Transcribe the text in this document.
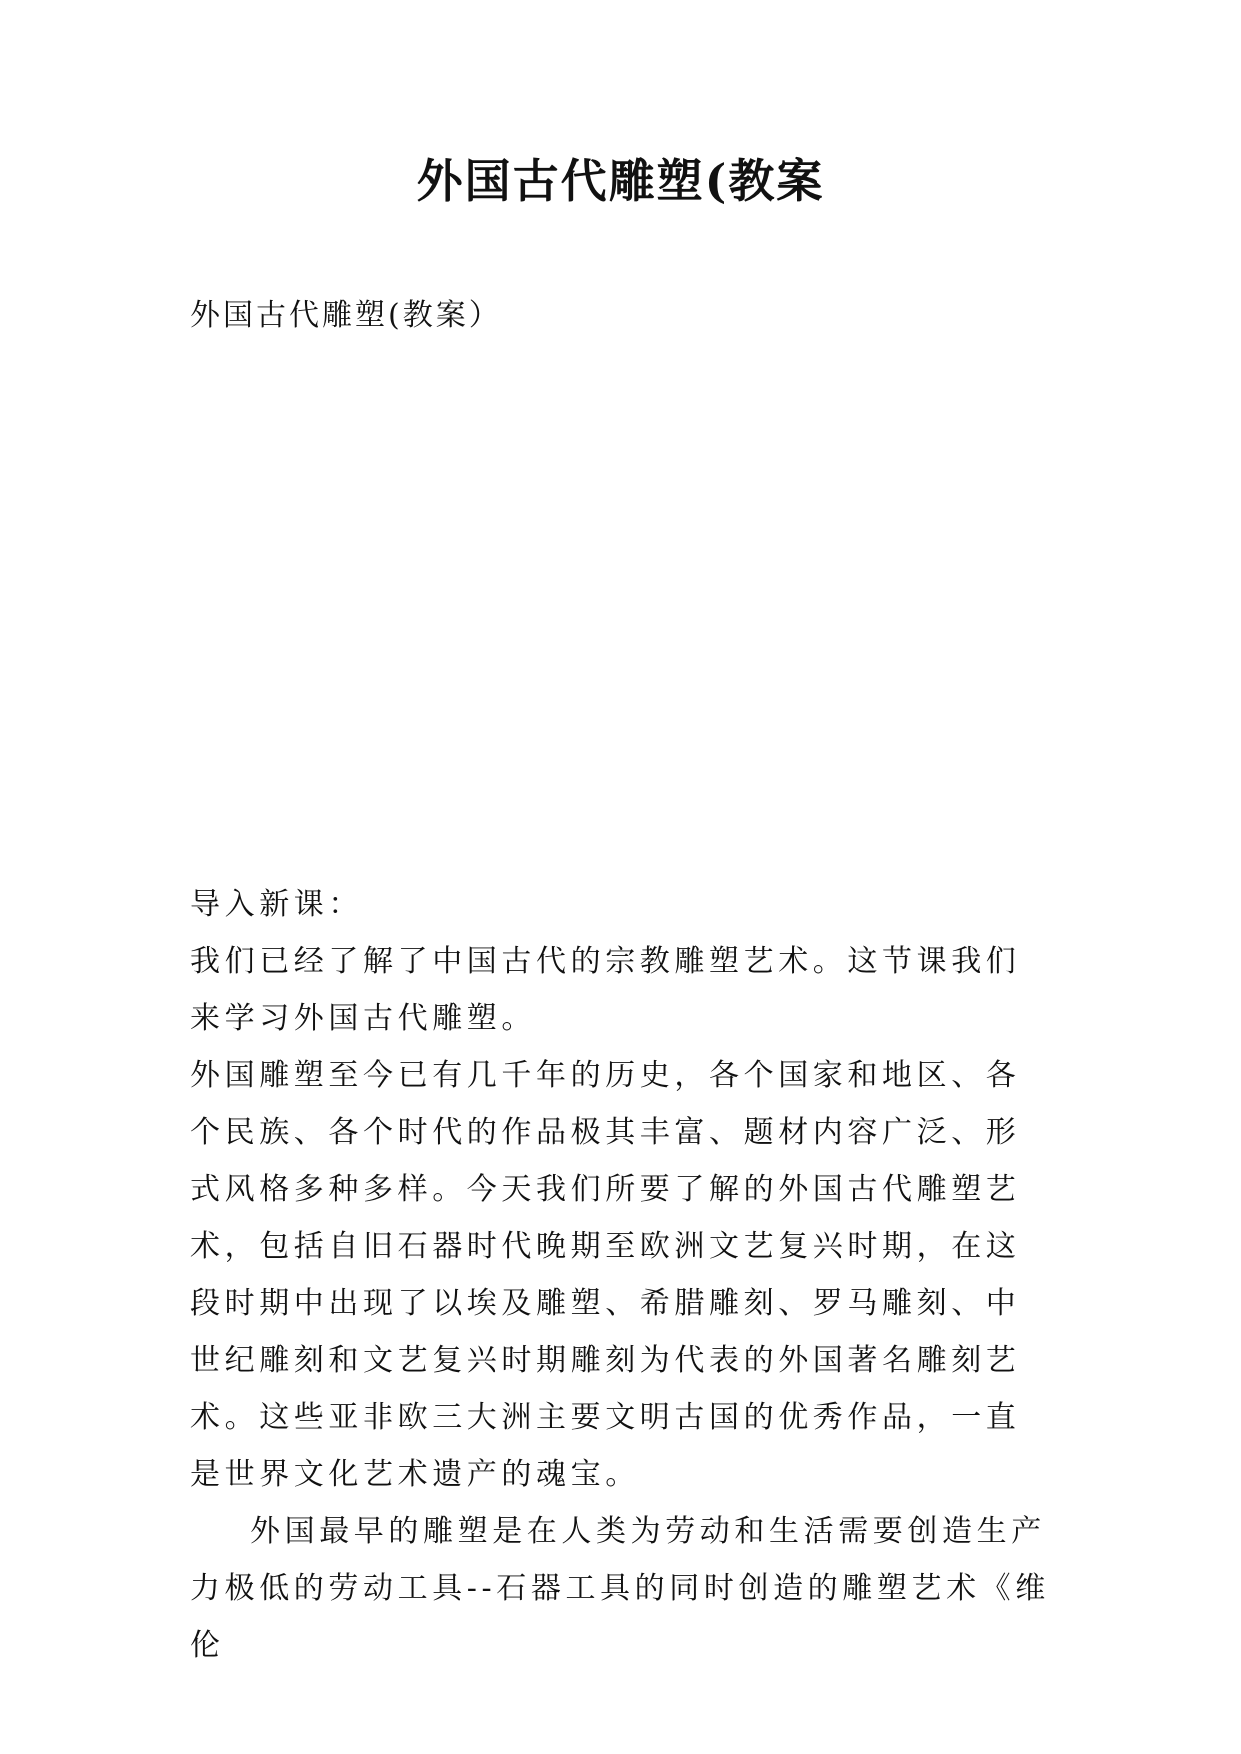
外国古代雕塑(教案

外国古代雕塑(教案）

导入新课：

我们已经了解了中国古代的宗教雕塑艺术。这节课我们来学习外国古代雕塑。

外国雕塑至今已有几千年的历史，各个国家和地区、各个民族、各个时代的作品极其丰富、题材内容广泛、形式风格多种多样。今天我们所要了解的外国古代雕塑艺术，包括自旧石器时代晚期至欧洲文艺复兴时期，在这段时期中出现了以埃及雕塑、希腊雕刻、罗马雕刻、中世纪雕刻和文艺复兴时期雕刻为代表的外国著名雕刻艺术。这些亚非欧三大洲主要文明古国的优秀作品，一直是世界文化艺术遗产的魂宝。

外国最早的雕塑是在人类为劳动和生活需要创造生产力极低的劳动工具--石器工具的同时创造的雕塑艺术《维伦
